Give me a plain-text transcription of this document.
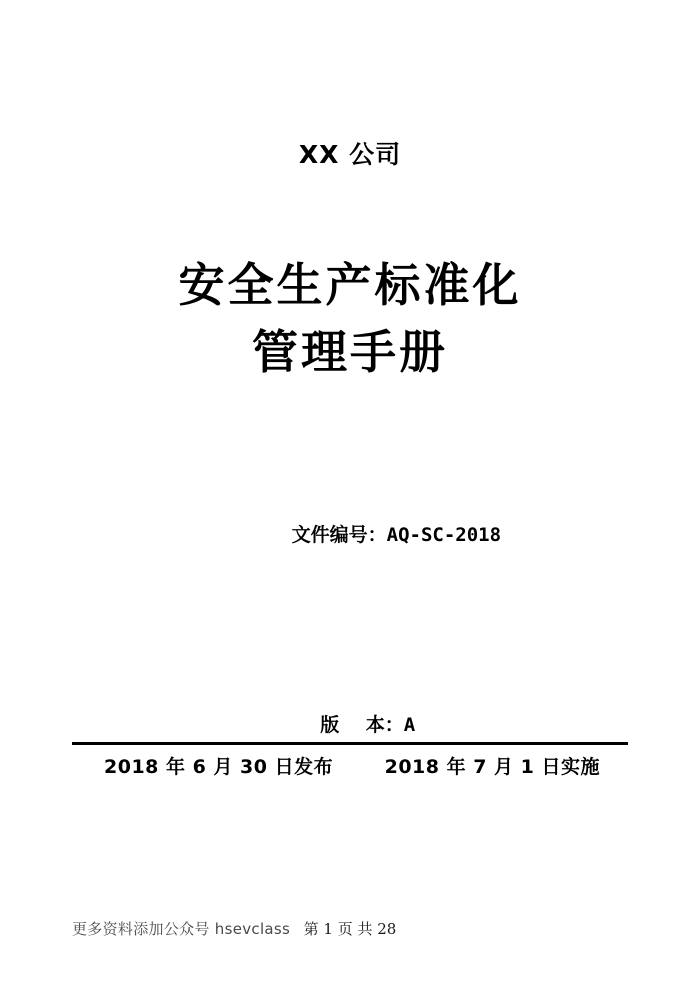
XX 公司
安全生产标准化
管理手册

文件编号：AQ-SC-2018

版    本：A

2018 年 6 月 30 日发布	2018 年 7 月 1 日实施
更多资料添加公众号 hsevclass 第 1 页 共 28
